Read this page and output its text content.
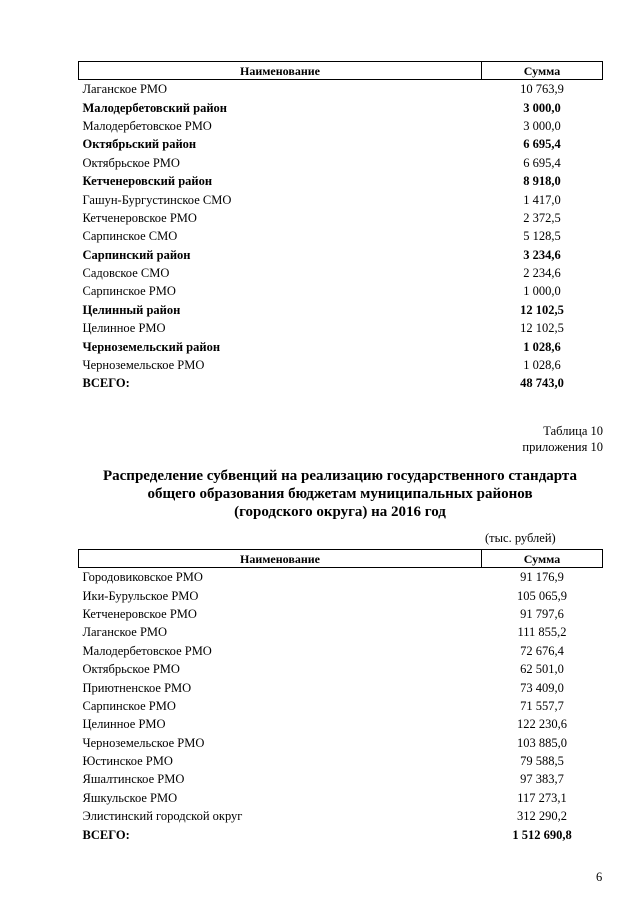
Наименование	Сумма
Лаганское РМО	10 763,9
Малодербетовский район	3 000,0
Малодербетовское РМО	3 000,0
Октябрьский район	6 695,4
Октябрьское РМО	6 695,4
Кетченеровский район	8 918,0
Гашун-Бургустинское СМО	1 417,0
Кетченеровское РМО	2 372,5
Сарпинское СМО	5 128,5
Сарпинский район	3 234,6
Садовское СМО	2 234,6
Сарпинское РМО	1 000,0
Целинный район	12 102,5
Целинное РМО	12 102,5
Черноземельский район	1 028,6
Черноземельское РМО	1 028,6
ВСЕГО:	48 743,0
Таблица 10
приложения 10
Распределение субвенций на реализацию государственного стандарта
общего образования бюджетам муниципальных районов
(городского округа) на 2016 год
(тыс. рублей)
Наименование	Сумма
Городовиковское РМО	91 176,9
Ики-Бурульское РМО	105 065,9
Кетченеровское РМО	91 797,6
Лаганское РМО	111 855,2
Малодербетовское РМО	72 676,4
Октябрьское РМО	62 501,0
Приютненское РМО	73 409,0
Сарпинское РМО	71 557,7
Целинное РМО	122 230,6
Черноземельское РМО	103 885,0
Юстинское РМО	79 588,5
Яшалтинское РМО	97 383,7
Яшкульское РМО	117 273,1
Элистинский городской округ	312 290,2
ВСЕГО:	1 512 690,8
6
